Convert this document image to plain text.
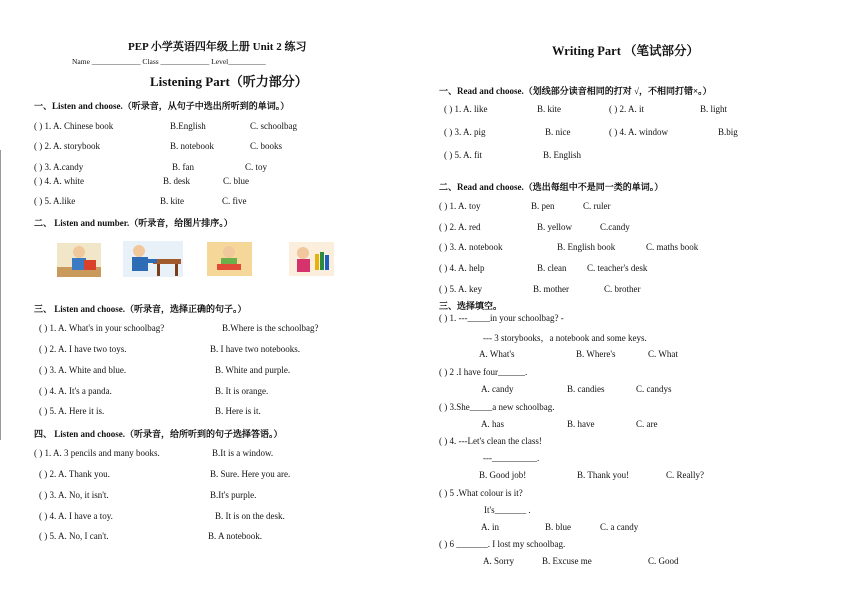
PEP 小学英语四年级上册 Unit 2 练习
Name _____________ Class _____________ Level__________
Listening Part（听力部分）
一、Listen and choose.（听录音，从句子中选出所听到的单词。）
( ) 1. A. Chinese book	B.English	C. schoolbag
( ) 2. A. storybook	B. notebook	C. books
( ) 3. A.candy	B. fan	C. toy
( ) 4. A. white	B. desk	C. blue
( ) 5. A.like	B. kite	C. five
二、 Listen and number.（听录音，给图片排序。）
三、 Listen and choose.（听录音，选择正确的句子。）
( ) 1. A. What's in your schoolbag?	B.Where is the schoolbag?
( ) 2. A. I have two toys.	B. I have two notebooks.
( ) 3. A. White and blue.	B. White and purple.
( ) 4. A. It's a panda.	B. It is orange.
( ) 5. A. Here it is.	B. Here is it.
四、 Listen and choose.（听录音，给所听到的句子选择答语。）
( ) 1. A. 3 pencils and many books.	B.It is a window.
( ) 2. A. Thank you.	B. Sure. Here you are.
( ) 3. A. No, it isn't.	B.It's purple.
( ) 4. A. I have a toy.	B. It is on the desk.
( ) 5. A. No, I can't.	B. A notebook.
Writing Part （笔试部分）
一、Read and choose.（划线部分读音相同的打对 √，不相同打错×。）
( ) 1. A. like	B. kite	( ) 2. A. it	B. light
( ) 3. A. pig	B. nice	( ) 4. A. window	B.big
( ) 5. A. fit	B. English
二、Read and choose.（选出每组中不是同一类的单词。）
( ) 1. A. toy	B. pen	C. ruler
( ) 2. A. red	B. yellow	C.candy
( ) 3. A. notebook	B. English book	C. maths book
( ) 4. A. help	B. clean C. teacher's desk
( ) 5. A. key	B. mother	C. brother
三、选择填空。
( ) 1. ---_____in your schoolbag? -
--- 3 storybooks，a notebook and some keys.
A. What's	B. Where's	C. What
( ) 2 .I have four______.
A. candy	B. candies	C. candys
( ) 3.She_____a new schoolbag.
A. has	B. have	C. are
( ) 4. ---Let's clean the class!
---__________.
B. Good job!	B. Thank you!	C. Really?
( ) 5 .What colour is it?
It's_______ .
A. in	B. blue	C. a candy
( ) 6 _______. I lost my schoolbag.
A. Sorry	B. Excuse me	C. Good
